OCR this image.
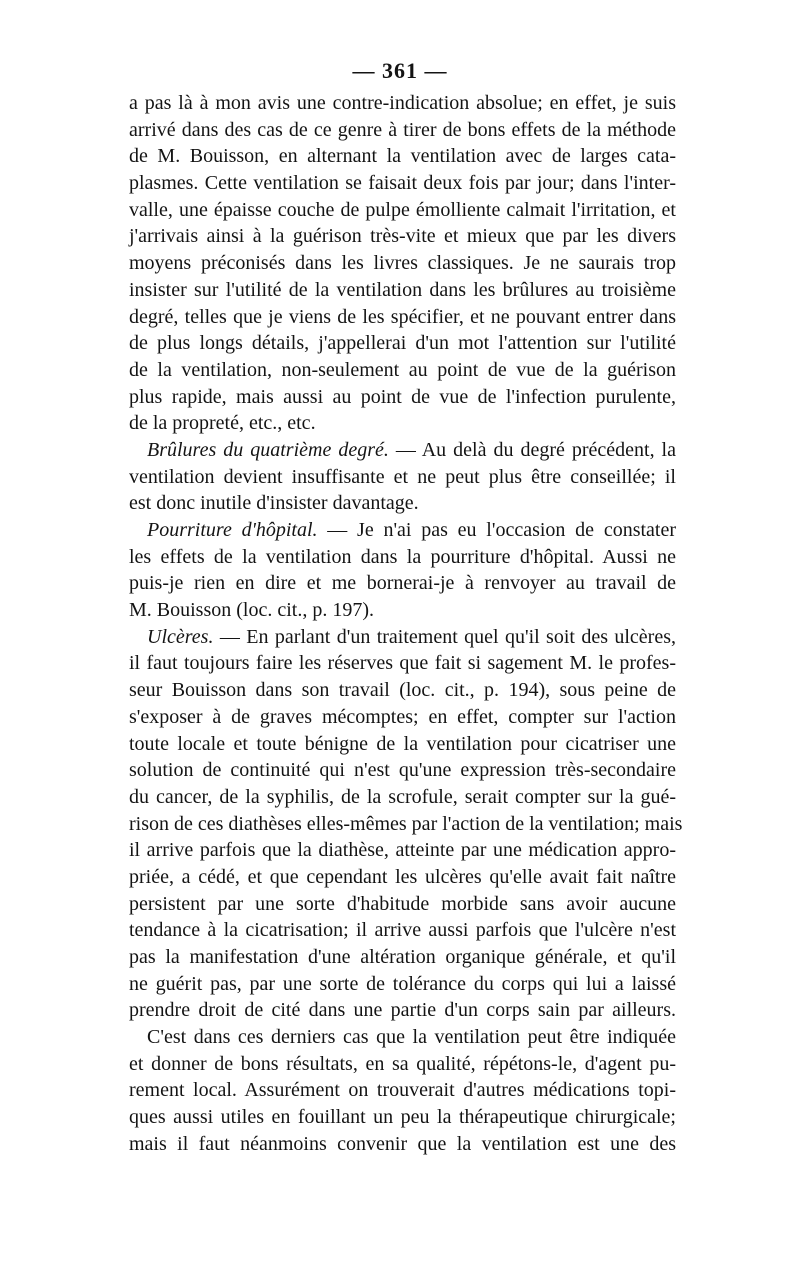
— 361 —
a pas là à mon avis une contre-indication absolue; en effet, je suis
arrivé dans des cas de ce genre à tirer de bons effets de la méthode
de M. Bouisson, en alternant la ventilation avec de larges cata-
plasmes. Cette ventilation se faisait deux fois par jour; dans l'inter-
valle, une épaisse couche de pulpe émolliente calmait l'irritation, et
j'arrivais ainsi à la guérison très-vite et mieux que par les divers
moyens préconisés dans les livres classiques. Je ne saurais trop
insister sur l'utilité de la ventilation dans les brûlures au troisième
degré, telles que je viens de les spécifier, et ne pouvant entrer dans
de plus longs détails, j'appellerai d'un mot l'attention sur l'utilité
de la ventilation, non-seulement au point de vue de la guérison
plus rapide, mais aussi au point de vue de l'infection purulente,
de la propreté, etc., etc.
Brûlures du quatrième degré. — Au delà du degré précédent, la
ventilation devient insuffisante et ne peut plus être conseillée; il
est donc inutile d'insister davantage.
Pourriture d'hôpital. — Je n'ai pas eu l'occasion de constater
les effets de la ventilation dans la pourriture d'hôpital. Aussi ne
puis-je rien en dire et me bornerai-je à renvoyer au travail de
M. Bouisson (loc. cit., p. 197).
Ulcères. — En parlant d'un traitement quel qu'il soit des ulcères,
il faut toujours faire les réserves que fait si sagement M. le profes-
seur Bouisson dans son travail (loc. cit., p. 194), sous peine de
s'exposer à de graves mécomptes; en effet, compter sur l'action
toute locale et toute bénigne de la ventilation pour cicatriser une
solution de continuité qui n'est qu'une expression très-secondaire
du cancer, de la syphilis, de la scrofule, serait compter sur la gué-
rison de ces diathèses elles-mêmes par l'action de la ventilation; mais
il arrive parfois que la diathèse, atteinte par une médication appro-
priée, a cédé, et que cependant les ulcères qu'elle avait fait naître
persistent par une sorte d'habitude morbide sans avoir aucune
tendance à la cicatrisation; il arrive aussi parfois que l'ulcère n'est
pas la manifestation d'une altération organique générale, et qu'il
ne guérit pas, par une sorte de tolérance du corps qui lui a laissé
prendre droit de cité dans une partie d'un corps sain par ailleurs.
C'est dans ces derniers cas que la ventilation peut être indiquée
et donner de bons résultats, en sa qualité, répétons-le, d'agent pu-
rement local. Assurément on trouverait d'autres médications topi-
ques aussi utiles en fouillant un peu la thérapeutique chirurgicale;
mais il faut néanmoins convenir que la ventilation est une des
